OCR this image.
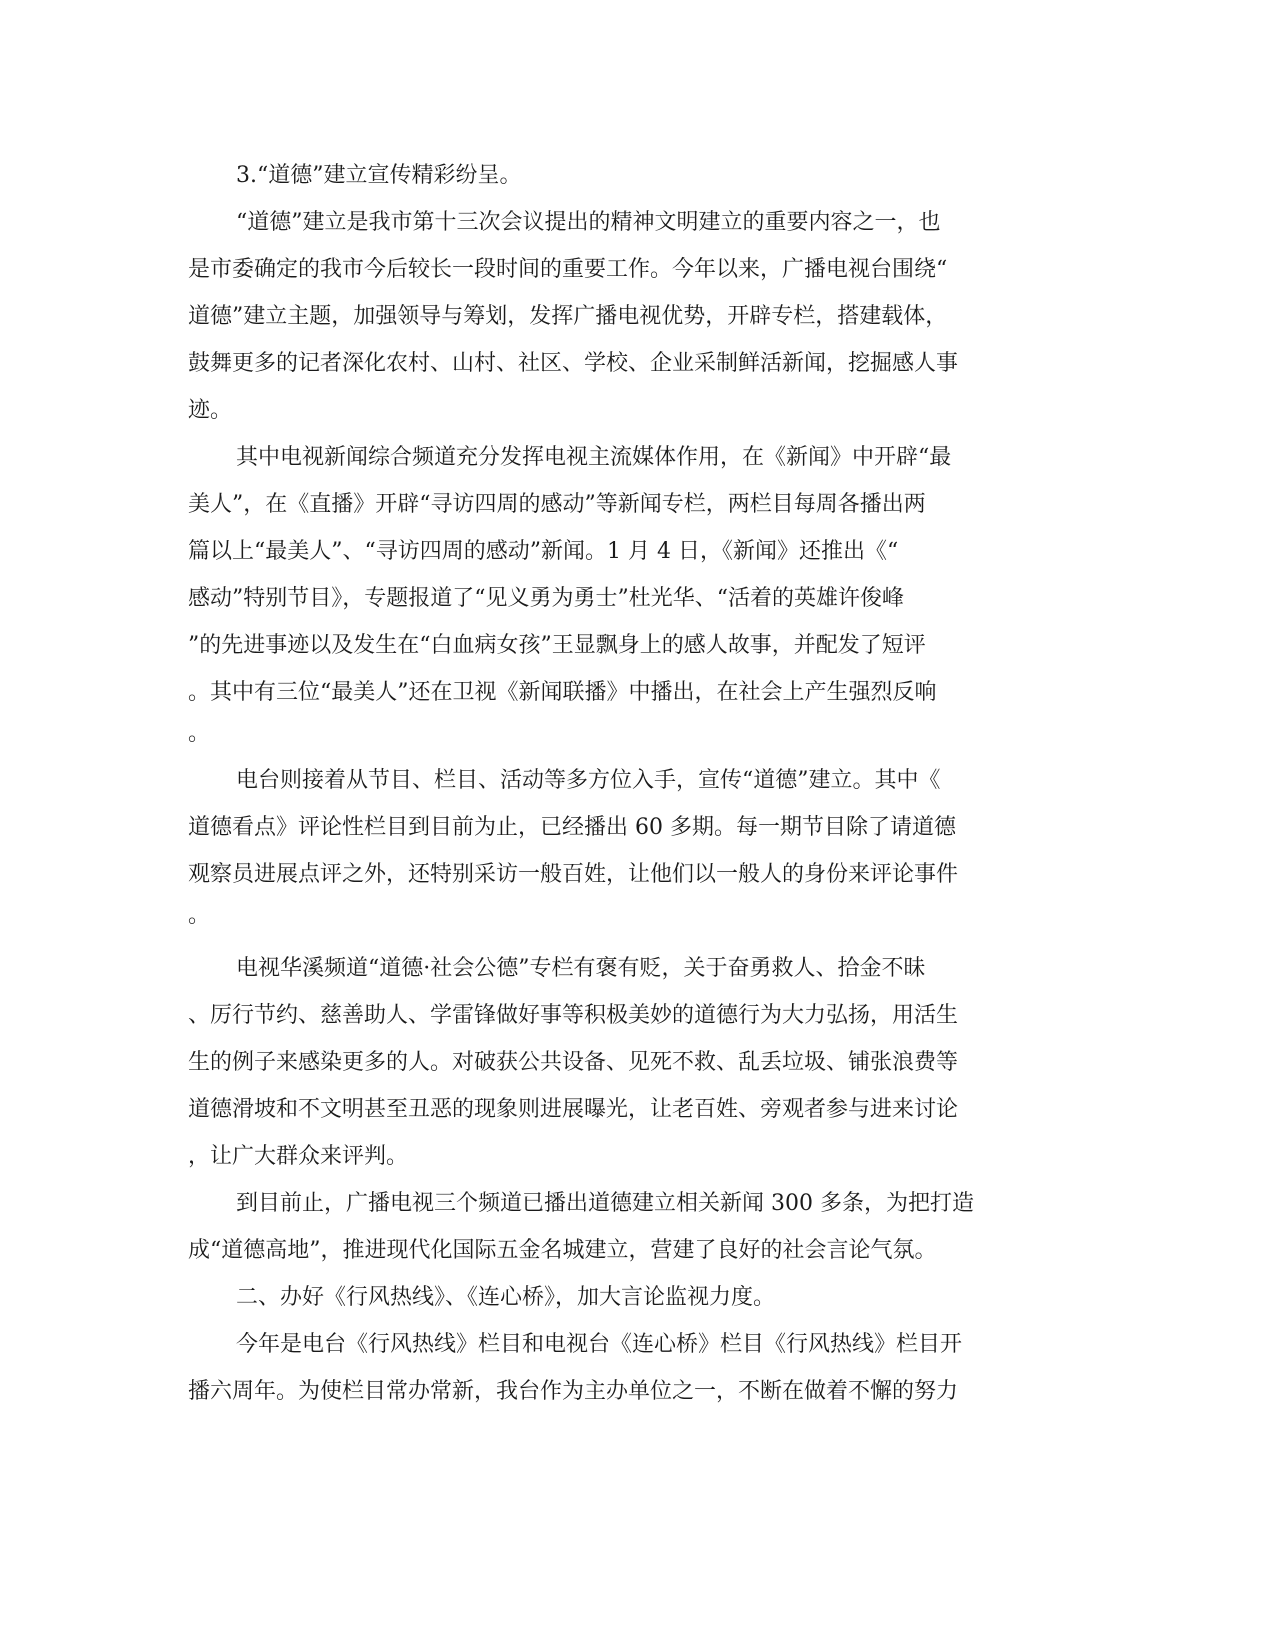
3.“道德”建立宣传精彩纷呈。
“道德”建立是我市第十三次会议提出的精神文明建立的重要内容之一，也
是市委确定的我市今后较长一段时间的重要工作。今年以来，广播电视台围绕“
道德”建立主题，加强领导与筹划，发挥广播电视优势，开辟专栏，搭建载体，
鼓舞更多的记者深化农村、山村、社区、学校、企业采制鲜活新闻，挖掘感人事
迹。
其中电视新闻综合频道充分发挥电视主流媒体作用，在《新闻》中开辟“最
美人”，在《直播》开辟“寻访四周的感动”等新闻专栏，两栏目每周各播出两
篇以上“最美人”、“寻访四周的感动”新闻。1 月 4 日，《新闻》还推出《“
感动”特别节目》，专题报道了“见义勇为勇士”杜光华、“活着的英雄许俊峰
”的先进事迹以及发生在“白血病女孩”王显飘身上的感人故事，并配发了短评
。其中有三位“最美人”还在卫视《新闻联播》中播出，在社会上产生强烈反响
。
电台则接着从节目、栏目、活动等多方位入手，宣传“道德”建立。其中《
道德看点》评论性栏目到目前为止，已经播出 60 多期。每一期节目除了请道德
观察员进展点评之外，还特别采访一般百姓，让他们以一般人的身份来评论事件
。
电视华溪频道“道德·社会公德”专栏有褒有贬，关于奋勇救人、拾金不昧
、厉行节约、慈善助人、学雷锋做好事等积极美妙的道德行为大力弘扬，用活生
生的例子来感染更多的人。对破获公共设备、见死不救、乱丢垃圾、铺张浪费等
道德滑坡和不文明甚至丑恶的现象则进展曝光，让老百姓、旁观者参与进来讨论
，让广大群众来评判。
到目前止，广播电视三个频道已播出道德建立相关新闻 300 多条，为把打造
成“道德高地”，推进现代化国际五金名城建立，营建了良好的社会言论气氛。
二、办好《行风热线》、《连心桥》，加大言论监视力度。
今年是电台《行风热线》栏目和电视台《连心桥》栏目《行风热线》栏目开
播六周年。为使栏目常办常新，我台作为主办单位之一，不断在做着不懈的努力
